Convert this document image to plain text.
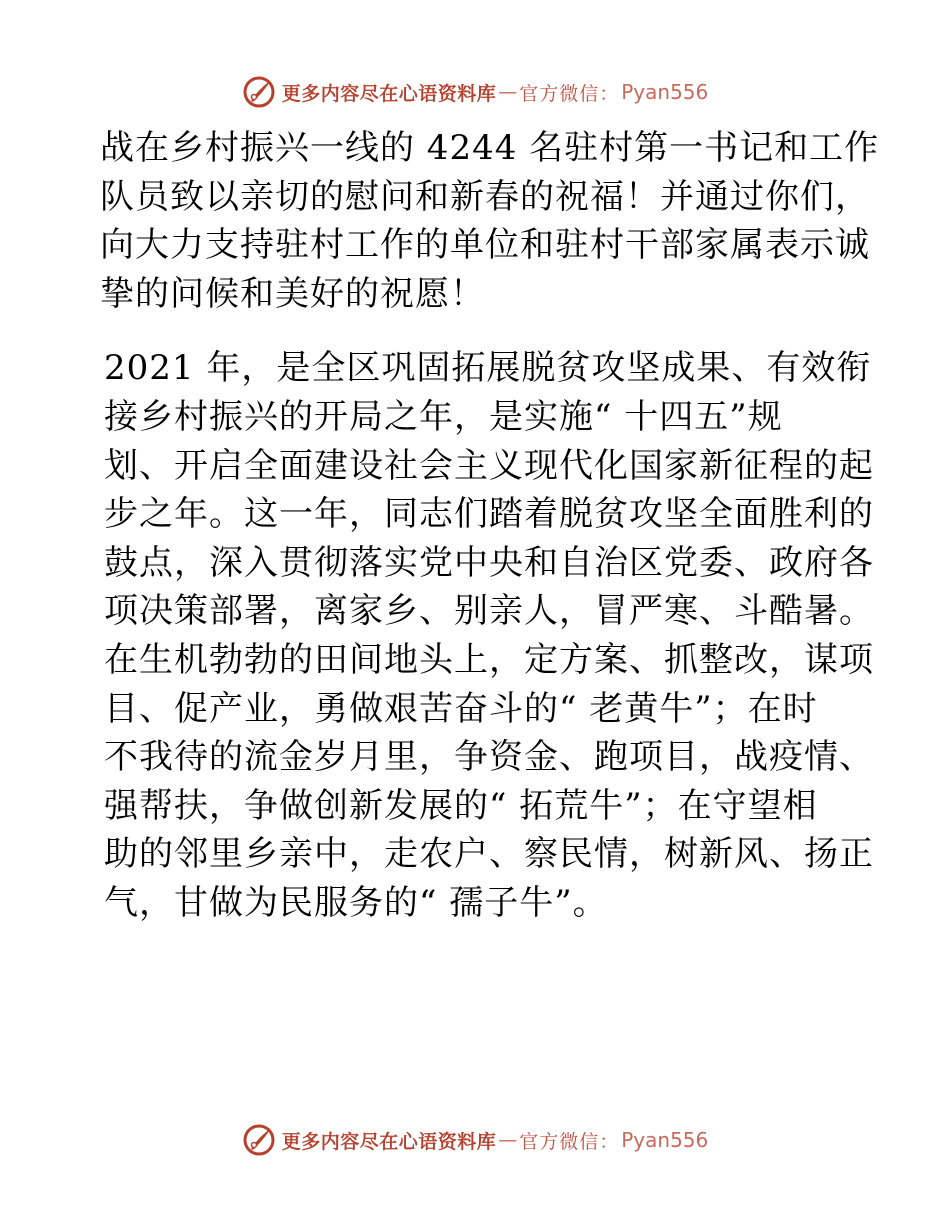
更多内容尽在心语资料库 — 官方微信： Pyan556

战在乡村振兴一线的 4244 名驻村第一书记和工作
队员致以亲切的慰问和新春的祝福！并通过你们，
向大力支持驻村工作的单位和驻村干部家属表示诚
挚的问候和美好的祝愿！

2021 年，是全区巩固拓展脱贫攻坚成果、有效衔
接乡村振兴的开局之年，是实施“ 十四五”规
划、开启全面建设社会主义现代化国家新征程的起
步之年。这一年，同志们踏着脱贫攻坚全面胜利的
鼓点，深入贯彻落实党中央和自治区党委、政府各
项决策部署，离家乡、别亲人，冒严寒、斗酷暑。
在生机勃勃的田间地头上，定方案、抓整改，谋项
目、促产业，勇做艰苦奋斗的“ 老黄牛”；在时
不我待的流金岁月里，争资金、跑项目，战疫情、
强帮扶，争做创新发展的“ 拓荒牛”；在守望相
助的邻里乡亲中，走农户、察民情，树新风、扬正
气，甘做为民服务的“ 孺子牛”。

更多内容尽在心语资料库 — 官方微信： Pyan556
